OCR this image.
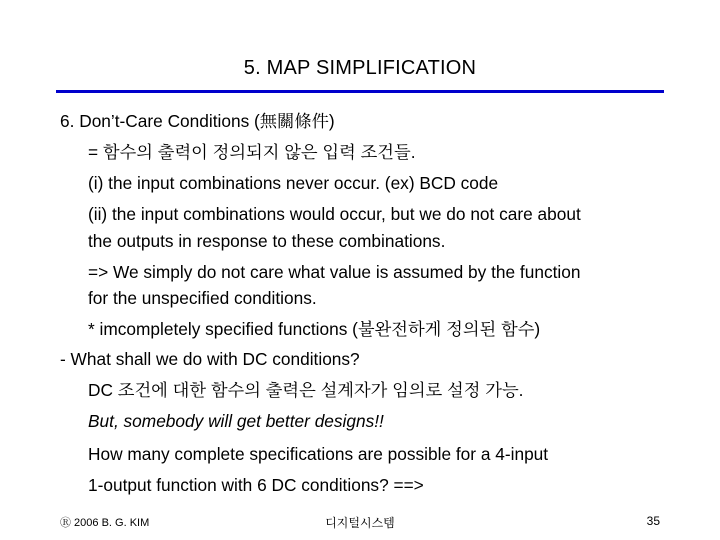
5. MAP SIMPLIFICATION
6. Don’t-Care Conditions (無關條件)
= 함수의 출력이 정의되지 않은 입력 조건들.
(i) the input combinations never occur. (ex) BCD code
(ii) the input combinations would occur, but we do not care about
the outputs in response to these combinations.
=> We simply do not care what value is assumed by the function
for the unspecified conditions.
* imcompletely specified functions (불완전하게 정의된 함수)
- What shall we do with DC conditions?
DC 조건에 대한 함수의 출력은 설계자가 임의로 설정 가능.
But, somebody will get better designs!!
How many complete specifications are possible for a 4-input
1-output function with 6 DC conditions? ==>
Ⓡ 2006 B. G. KIM	디지털시스템	35
